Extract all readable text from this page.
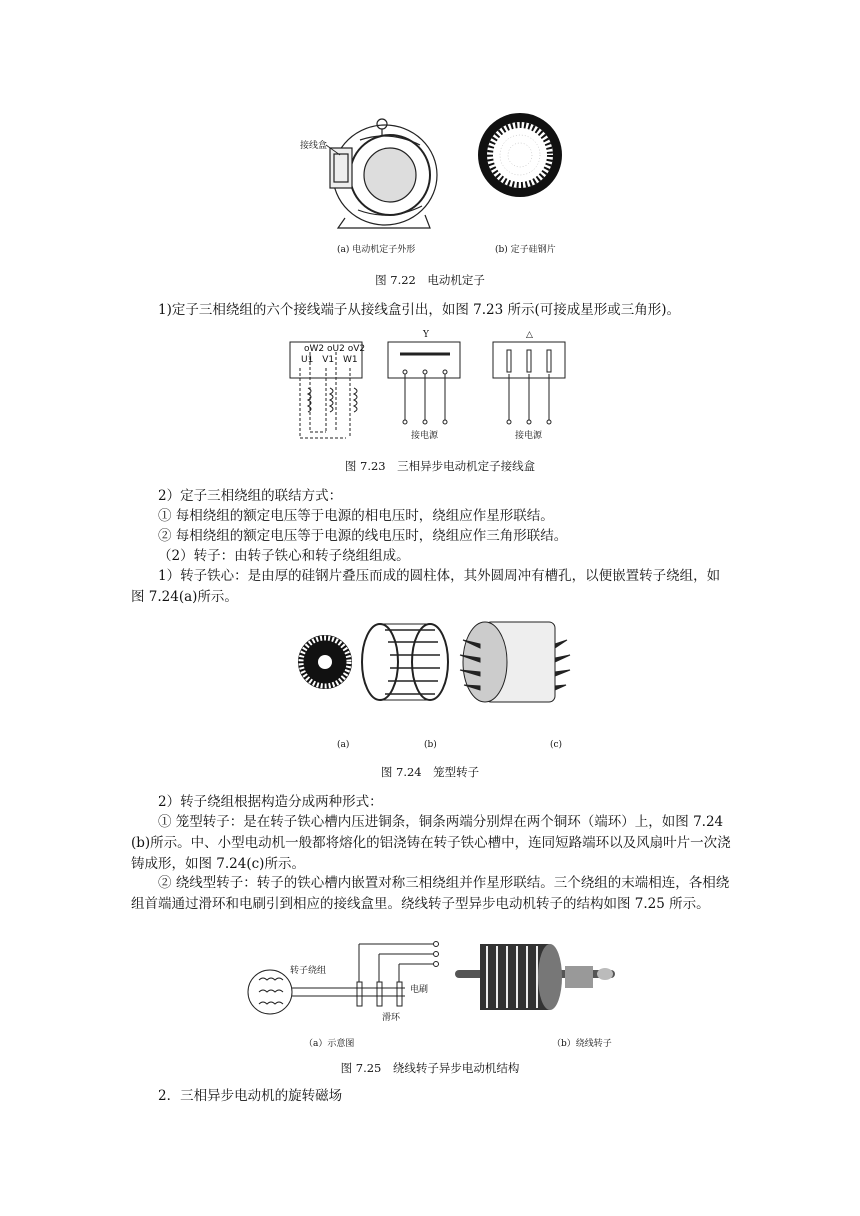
接线盒
(a) 电动机定子外形	(b) 定子硅钢片
图 7.22　电动机定子
1)定子三相绕组的六个接线端子从接线盒引出，如图 7.23 所示(可接成星形或三角形)。
oW2 oU2 oV2
U1 V1 W1
Y	△
接电源	接电源
图 7.23　三相异步电动机定子接线盒
2）定子三相绕组的联结方式：
① 每相绕组的额定电压等于电源的相电压时，绕组应作星形联结。
② 每相绕组的额定电压等于电源的线电压时，绕组应作三角形联结。
（2）转子：由转子铁心和转子绕组组成。
1）转子铁心：是由厚的硅钢片叠压而成的圆柱体，其外圆周冲有槽孔，以便嵌置转子绕组，如图 7.24(a)所示。
(a)	(b)	(c)
图 7.24　笼型转子
2）转子绕组根据构造分成两种形式：
① 笼型转子：是在转子铁心槽内压进铜条，铜条两端分别焊在两个铜环（端环）上，如图 7.24 (b)所示。中、小型电动机一般都将熔化的铝浇铸在转子铁心槽中，连同短路端环以及风扇叶片一次浇铸成形，如图 7.24(c)所示。
② 绕线型转子：转子的铁心槽内嵌置对称三相绕组并作星形联结。三个绕组的末端相连，各相绕组首端通过滑环和电刷引到相应的接线盒里。绕线转子型异步电动机转子的结构如图 7.25 所示。
转子绕组
电刷
滑环
（a）示意图	（b）绕线转子
图 7.25　绕线转子异步电动机结构
2．三相异步电动机的旋转磁场
